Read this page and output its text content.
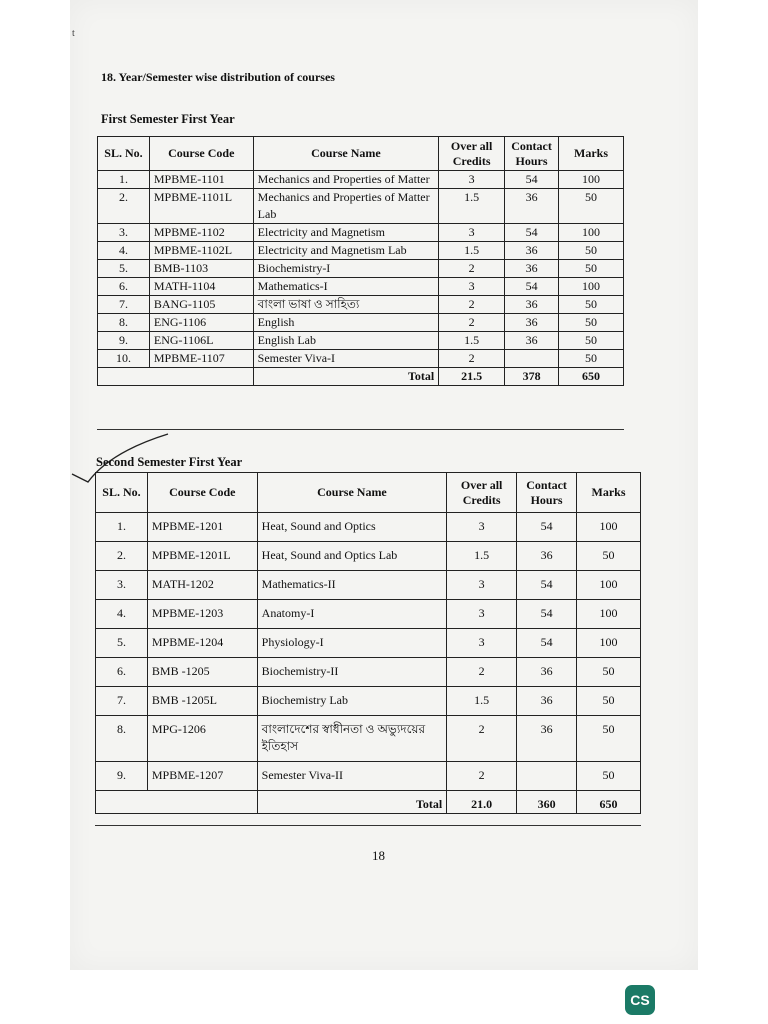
t
18. Year/Semester wise distribution of courses
First Semester First Year
SL. No.	Course Code	Course Name	Over all Credits	Contact Hours	Marks
1.	MPBME-1101	Mechanics and Properties of Matter	3	54	100
2.	MPBME-1101L	Mechanics and Properties of Matter Lab	1.5	36	50
3.	MPBME-1102	Electricity and Magnetism	3	54	100
4.	MPBME-1102L	Electricity and Magnetism Lab	1.5	36	50
5.	BMB-1103	Biochemistry-I	2	36	50
6.	MATH-1104	Mathematics-I	3	54	100
7.	BANG-1105	বাংলা ভাষা ও সাহিত্য	2	36	50
8.	ENG-1106	English	2	36	50
9.	ENG-1106L	English Lab	1.5	36	50
10.	MPBME-1107	Semester Viva-I	2		50
		Total	21.5	378	650
Second Semester First Year
SL. No.	Course Code	Course Name	Over all Credits	Contact Hours	Marks
1.	MPBME-1201	Heat, Sound and Optics	3	54	100
2.	MPBME-1201L	Heat, Sound and Optics Lab	1.5	36	50
3.	MATH-1202	Mathematics-II	3	54	100
4.	MPBME-1203	Anatomy-I	3	54	100
5.	MPBME-1204	Physiology-I	3	54	100
6.	BMB -1205	Biochemistry-II	2	36	50
7.	BMB -1205L	Biochemistry Lab	1.5	36	50
8.	MPG-1206	বাংলাদেশের স্বাধীনতা ও অভ্যুদয়ের ইতিহাস	2	36	50
9.	MPBME-1207	Semester Viva-II	2		50
		Total	21.0	360	650
18
CS
